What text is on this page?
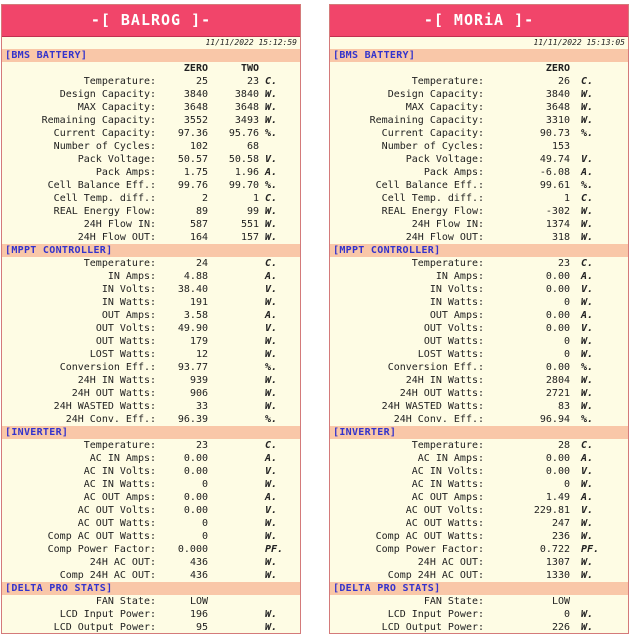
-[ BALROG ]-
11/11/2022 15:12:59
[BMS BATTERY]
ZERO	TWO
Temperature :	25	23 C.
Design Capacity :	3840	3840 W.
MAX Capacity :	3648	3648 W.
Remaining Capacity :	3552	3493 W.
Current Capacity : 97.36 95.76 %.
Number of Cycles :	102	68
Pack Voltage : 50.57 50.58 V.
Pack Amps :	1.75	1.96 A.
Cell Balance Eff. : 99.76 99.70 %.
Cell Temp. diff. :	2	1 C.
REAL Energy Flow :	89	99 W.
24H Flow IN :	587	551 W.
24H Flow OUT :	164	157 W.
[MPPT CONTROLLER]
Temperature :	24	C.
IN Amps :	4.88	A.
IN Volts : 38.40	V.
IN Watts :	191	W.
OUT Amps :	3.58	A.
OUT Volts : 49.90	V.
OUT Watts :	179	W.
LOST Watts :	12	W.
Conversion Eff. : 93.77	%.
24H IN Watts :	939	W.
24H OUT Watts :	906	W.
24H WASTED Watts :	33	W.
24H Conv. Eff. : 96.39	%.
[INVERTER]
Temperature :	23	C.
AC IN Amps :	0.00	A.
AC IN Volts :	0.00	V.
AC IN Watts :	0	W.
AC OUT Amps :	0.00	A.
AC OUT Volts :	0.00	V.
AC OUT Watts :	0	W.
Comp AC OUT Watts :	0	W.
Comp Power Factor : 0.000	PF.
24H AC OUT :	436	W.
Comp 24H AC OUT :	436	W.
[DELTA PRO STATS]
FAN State :	LOW
LCD Input Power :	196	W.
LCD Output Power :	95	W.
-[ MORiA ]-
11/11/2022 15:13:05
[BMS BATTERY]
ZERO
Temperature :	26 C.
Design Capacity :	3840 W.
MAX Capacity :	3648 W.
Remaining Capacity :	3310 W.
Current Capacity :	90.73 %.
Number of Cycles :	153
Pack Voltage :	49.74 V.
Pack Amps :	-6.08 A.
Cell Balance Eff. :	99.61 %.
Cell Temp. diff. :	1 C.
REAL Energy Flow :	-302 W.
24H Flow IN :	1374 W.
24H Flow OUT :	318 W.
[MPPT CONTROLLER]
Temperature :	23 C.
IN Amps :	0.00 A.
IN Volts :	0.00 V.
IN Watts :	0 W.
OUT Amps :	0.00 A.
OUT Volts :	0.00 V.
OUT Watts :	0 W.
LOST Watts :	0 W.
Conversion Eff. :	0.00 %.
24H IN Watts :	2804 W.
24H OUT Watts :	2721 W.
24H WASTED Watts :	83 W.
24H Conv. Eff. :	96.94 %.
[INVERTER]
Temperature :	28 C.
AC IN Amps :	0.00 A.
AC IN Volts :	0.00 V.
AC IN Watts :	0 W.
AC OUT Amps :	1.49 A.
AC OUT Volts :	229.81 V.
AC OUT Watts :	247 W.
Comp AC OUT Watts :	236 W.
Comp Power Factor :	0.722 PF.
24H AC OUT :	1307 W.
Comp 24H AC OUT :	1330 W.
[DELTA PRO STATS]
FAN State :	LOW
LCD Input Power :	0 W.
LCD Output Power :	226 W.
